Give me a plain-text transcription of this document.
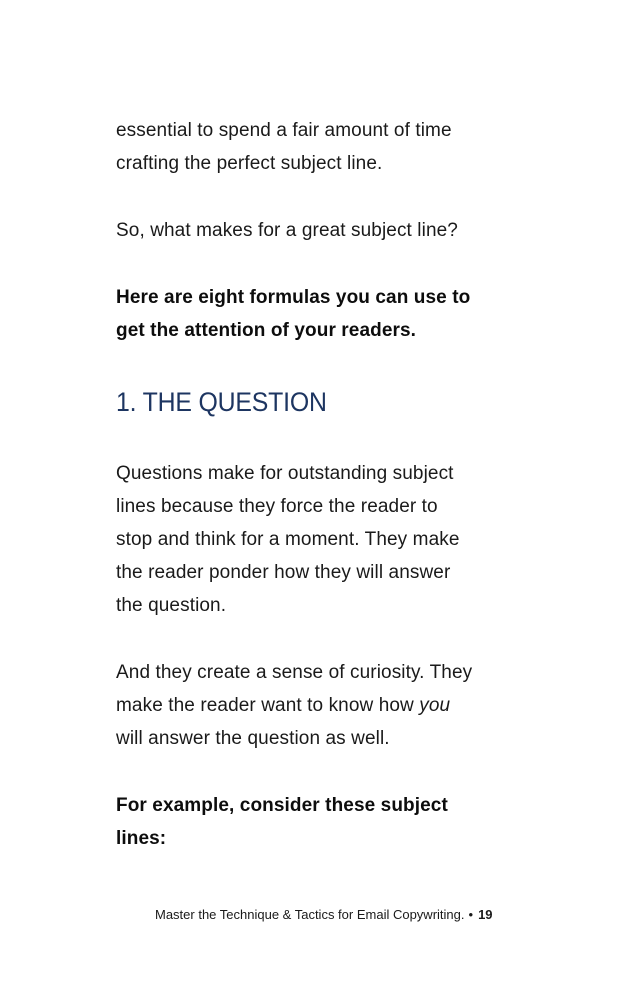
essential to spend a fair amount of time
crafting the perfect subject line.

So, what makes for a great subject line?

Here are eight formulas you can use to
get the attention of your readers.

1. THE QUESTION

Questions make for outstanding subject
lines because they force the reader to
stop and think for a moment. They make
the reader ponder how they will answer
the question.

And they create a sense of curiosity. They
make the reader want to know how you
will answer the question as well.

For example, consider these subject
lines:

Master the Technique & Tactics for Email Copywriting. • 19
